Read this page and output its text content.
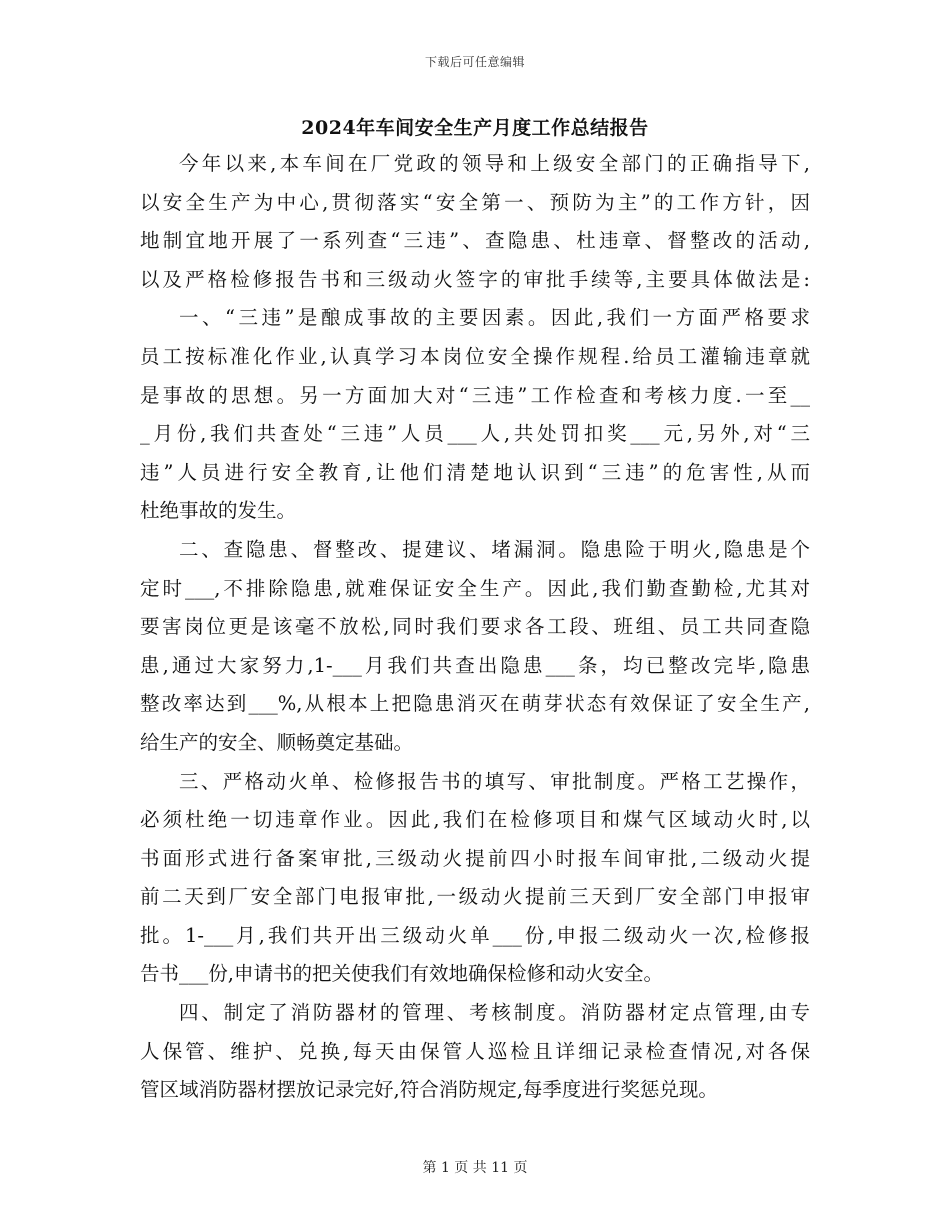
下载后可任意编辑
2024年车间安全生产月度工作总结报告
今年以来,本车间在厂党政的领导和上级安全部门的正确指导下,
以安全生产为中心,贯彻落实“安全第一、预防为主”的工作方针，因
地制宜地开展了一系列查“三违”、查隐患、杜违章、督整改的活动,
以及严格检修报告书和三级动火签字的审批手续等,主要具体做法是:
一、“三违”是酿成事故的主要因素。因此,我们一方面严格要求
员工按标准化作业,认真学习本岗位安全操作规程.给员工灌输违章就
是事故的思想。另一方面加大对“三违”工作检查和考核力度.一至__
_月份,我们共查处“三违”人员___人,共处罚扣奖___元,另外,对“三
违”人员进行安全教育,让他们清楚地认识到“三违”的危害性,从而
杜绝事故的发生。
二、查隐患、督整改、提建议、堵漏洞。隐患险于明火,隐患是个
定时___,不排除隐患,就难保证安全生产。因此,我们勤查勤检,尤其对
要害岗位更是该毫不放松,同时我们要求各工段、班组、员工共同查隐
患,通过大家努力,1-___月我们共查出隐患___条，均已整改完毕,隐患
整改率达到___%,从根本上把隐患消灭在萌芽状态有效保证了安全生产,
给生产的安全、顺畅奠定基础。
三、严格动火单、检修报告书的填写、审批制度。严格工艺操作，
必须杜绝一切违章作业。因此,我们在检修项目和煤气区域动火时,以
书面形式进行备案审批,三级动火提前四小时报车间审批,二级动火提
前二天到厂安全部门电报审批,一级动火提前三天到厂安全部门申报审
批。1-___月,我们共开出三级动火单___份,申报二级动火一次,检修报
告书___份,申请书的把关使我们有效地确保检修和动火安全。
四、制定了消防器材的管理、考核制度。消防器材定点管理,由专
人保管、维护、兑换,每天由保管人巡检且详细记录检查情况,对各保
管区域消防器材摆放记录完好,符合消防规定,每季度进行奖惩兑现。
第 1 页 共 11 页
